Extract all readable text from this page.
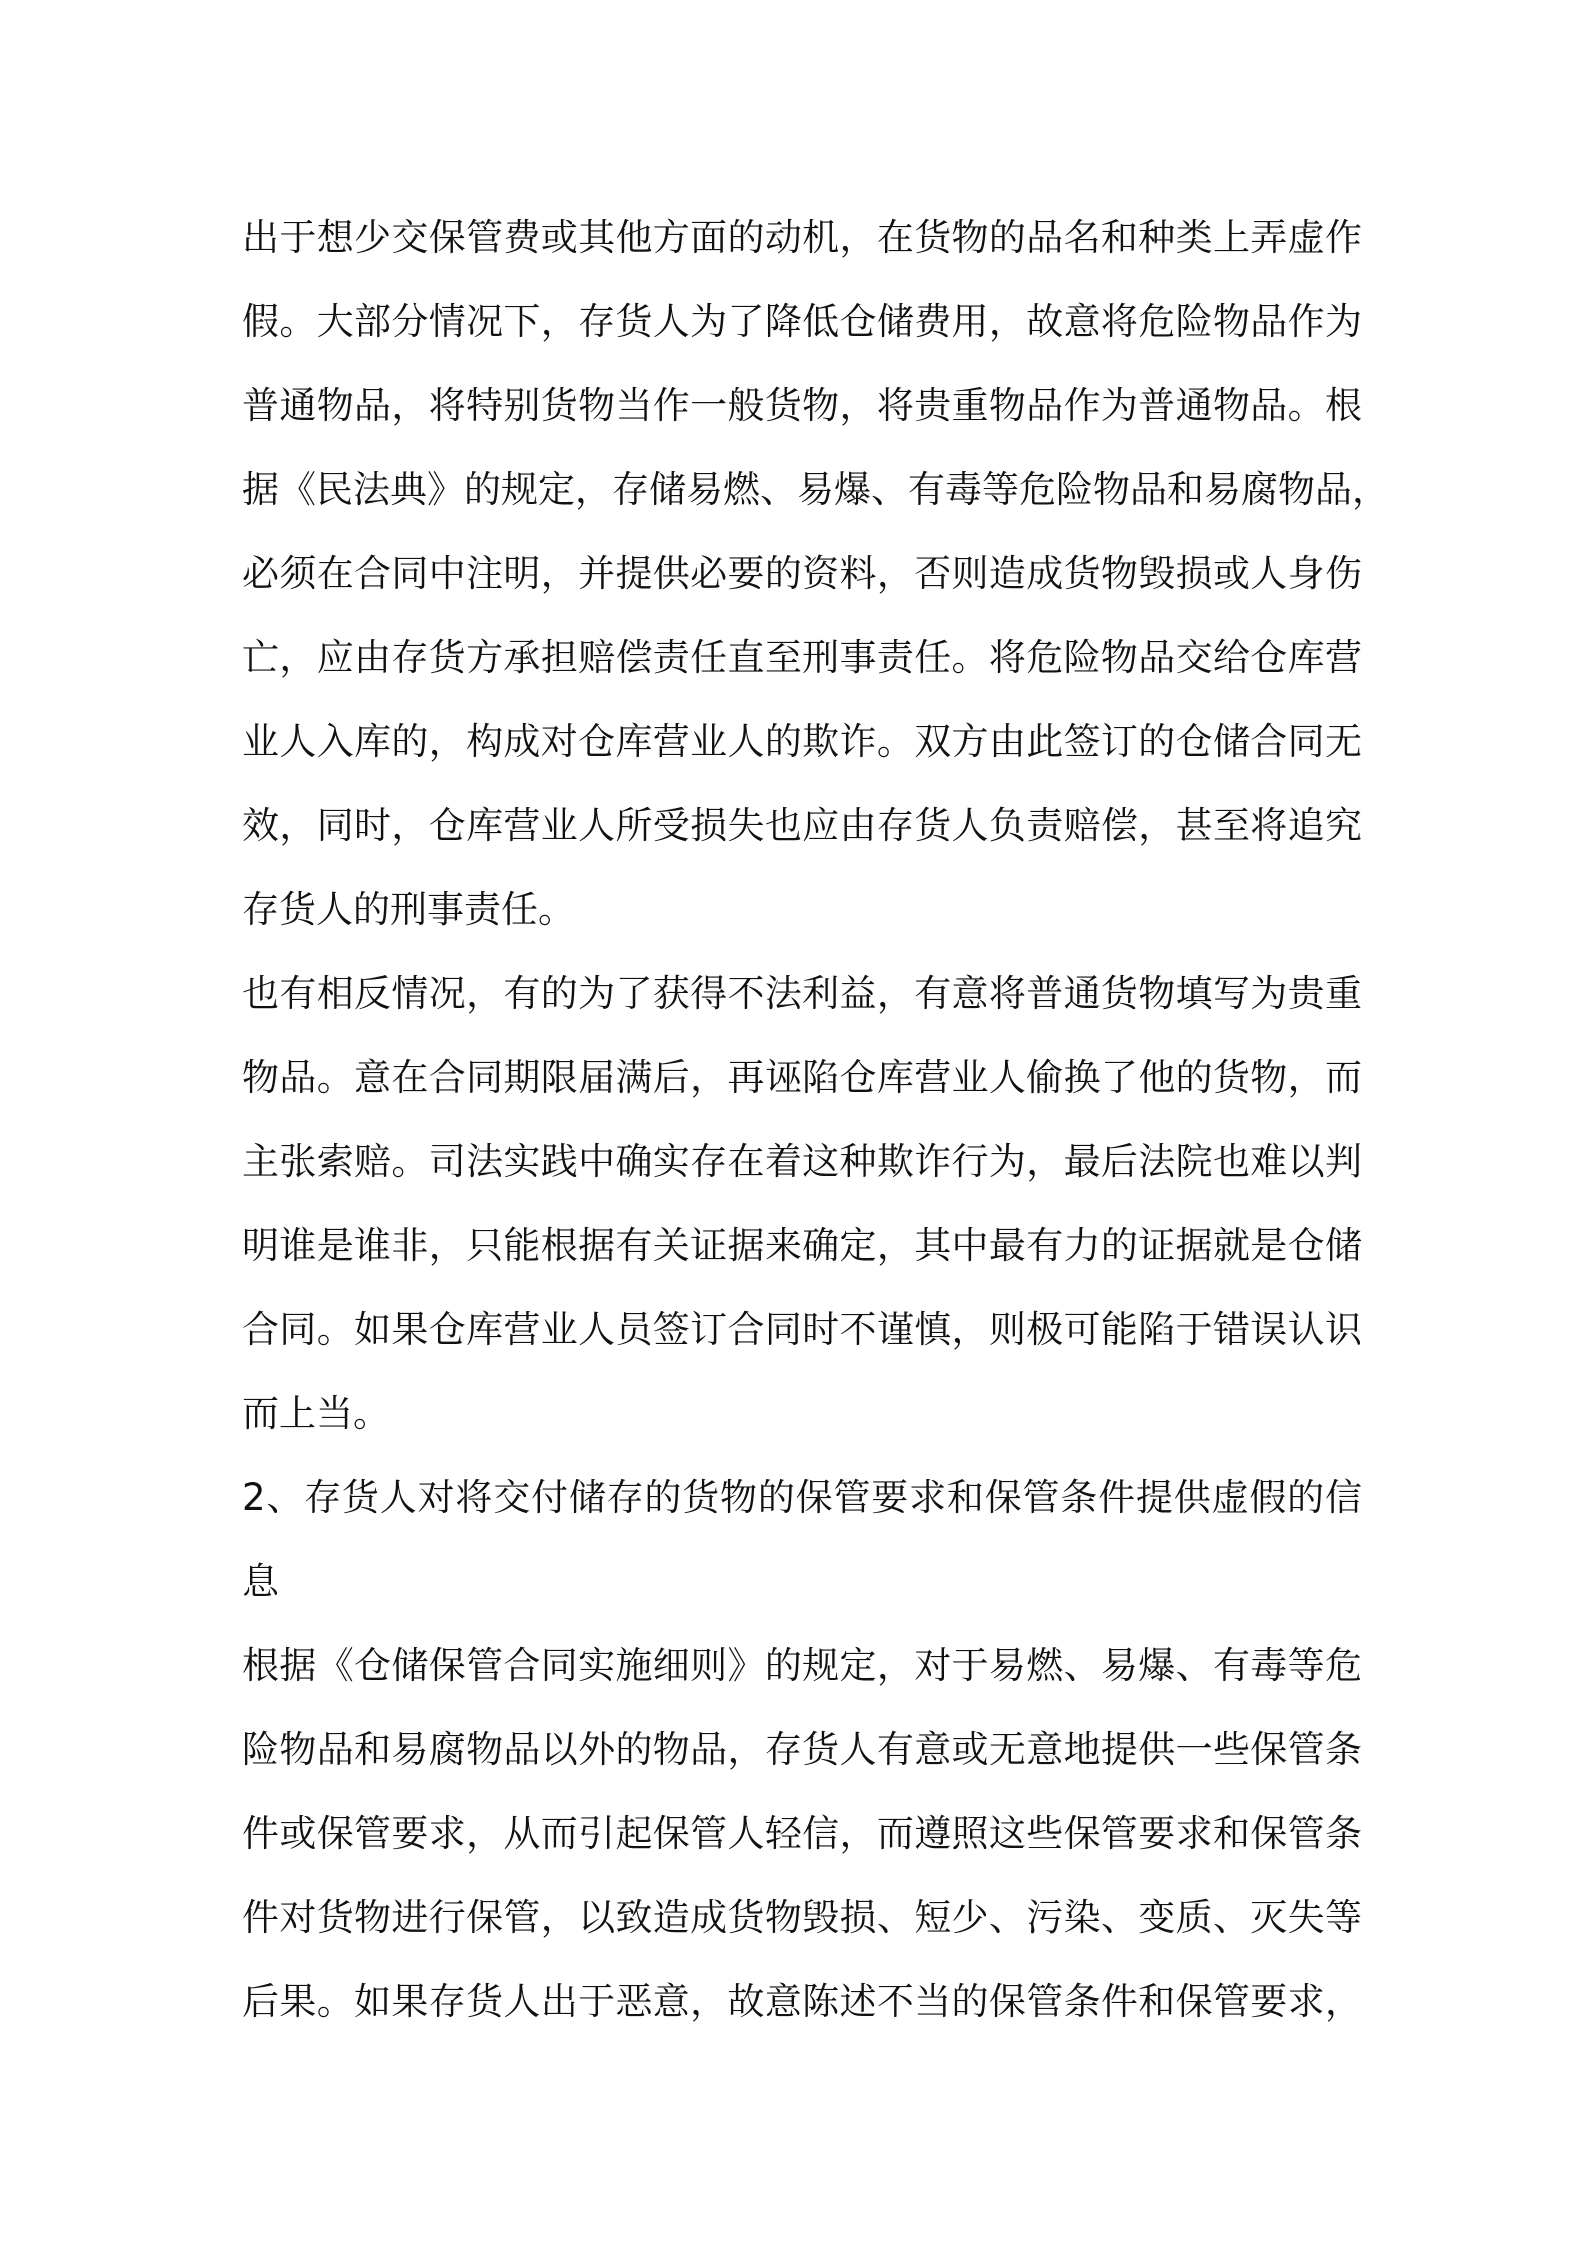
出于想少交保管费或其他方面的动机，在货物的品名和种类上弄虚作
假。大部分情况下，存货人为了降低仓储费用，故意将危险物品作为
普通物品，将特别货物当作一般货物，将贵重物品作为普通物品。根
据《民法典》的规定，存储易燃、易爆、有毒等危险物品和易腐物品，
必须在合同中注明，并提供必要的资料，否则造成货物毁损或人身伤
亡，应由存货方承担赔偿责任直至刑事责任。将危险物品交给仓库营
业人入库的，构成对仓库营业人的欺诈。双方由此签订的仓储合同无
效，同时，仓库营业人所受损失也应由存货人负责赔偿，甚至将追究
存货人的刑事责任。
也有相反情况，有的为了获得不法利益，有意将普通货物填写为贵重
物品。意在合同期限届满后，再诬陷仓库营业人偷换了他的货物，而
主张索赔。司法实践中确实存在着这种欺诈行为，最后法院也难以判
明谁是谁非，只能根据有关证据来确定，其中最有力的证据就是仓储
合同。如果仓库营业人员签订合同时不谨慎，则极可能陷于错误认识
而上当。
2、存货人对将交付储存的货物的保管要求和保管条件提供虚假的信
息
根据《仓储保管合同实施细则》的规定，对于易燃、易爆、有毒等危
险物品和易腐物品以外的物品，存货人有意或无意地提供一些保管条
件或保管要求，从而引起保管人轻信，而遵照这些保管要求和保管条
件对货物进行保管，以致造成货物毁损、短少、污染、变质、灭失等
后果。如果存货人出于恶意，故意陈述不当的保管条件和保管要求，
